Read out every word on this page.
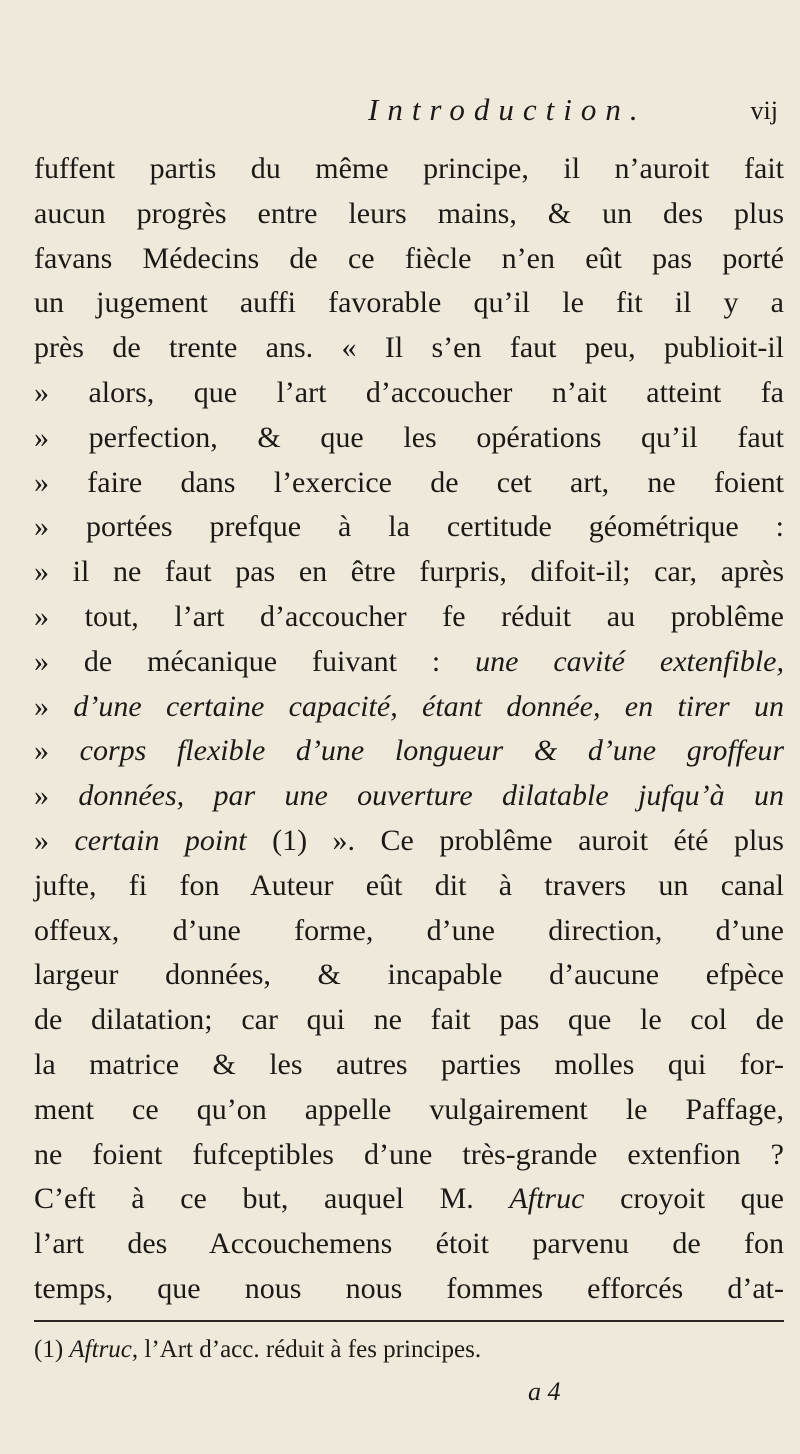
Introduction.	vij
fuffent partis du même principe, il n’auroit fait
aucun progrès entre leurs mains, & un des plus
favans Médecins de ce fiècle n’en eût pas porté
un jugement auffi favorable qu’il le fit il y a
près de trente ans. « Il s’en faut peu, publioit-il
» alors, que l’art d’accoucher n’ait atteint fa
» perfection, & que les opérations qu’il faut
» faire dans l’exercice de cet art, ne foient
» portées prefque à la certitude géométrique :
» il ne faut pas en être furpris, difoit-il; car, après
» tout, l’art d’accoucher fe réduit au problême
» de mécanique fuivant : une cavité extenfible,
» d’une certaine capacité, étant donnée, en tirer un
» corps flexible d’une longueur & d’une groffeur
» données, par une ouverture dilatable jufqu’à un
» certain point (1) ». Ce problême auroit été plus
jufte, fi fon Auteur eût dit à travers un canal
offeux, d’une forme, d’une direction, d’une
largeur données, & incapable d’aucune efpèce
de dilatation; car qui ne fait pas que le col de
la matrice & les autres parties molles qui for-
ment ce qu’on appelle vulgairement le Paffage,
ne foient fufceptibles d’une très-grande extenfion ?
C’eft à ce but, auquel M. Aftruc croyoit que
l’art des Accouchemens étoit parvenu de fon
temps, que nous nous fommes efforcés d’at-
(1) Aftruc, l’Art d’acc. réduit à fes principes.
a 4
